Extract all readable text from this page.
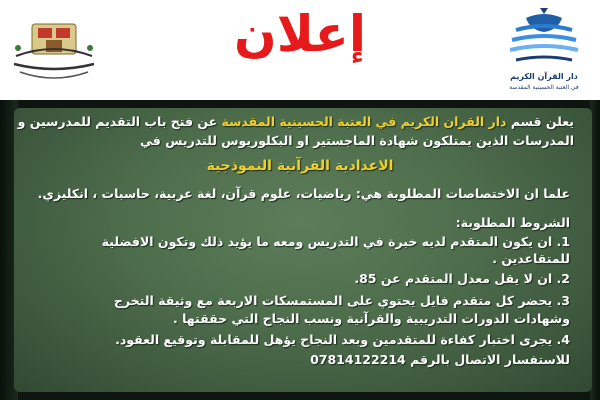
إعلان
دار القرآن الكريم
في العتبة الحسينية المقدسة
يعلن قسم دار القران الكريم في العتبة الحسينية المقدسة عن فتح باب التقديم للمدرسين و
المدرسات الذين يمتلكون شهادة الماجستير او البكلوريوس للتدريس في
الاعدادية القرآنية النموذجية
علما ان الاختصاصات المطلوبة هي: رياضيات، علوم قرآن، لغة عربية، حاسبات ، انكليزي.
الشروط المطلوبة:
1. ان يكون المتقدم لديه خبرة في التدريس ومعه ما يؤيد ذلك وتكون الافضلية
للمتقاعدين .
2. ان لا يقل معدل المتقدم عن 85.
3. يحضر كل متقدم فايل يحتوي على المستمسكات الاربعة مع وثيقة التخرج
وشهادات الدورات التدريبية والقرآنية ونسب النجاح التي حققتها .
4. يجرى اختبار كفاءة للمتقدمين وبعد النجاح يؤهل للمقابلة وتوقيع العقود.
للاستفسار الاتصال بالرقم 07814122214
